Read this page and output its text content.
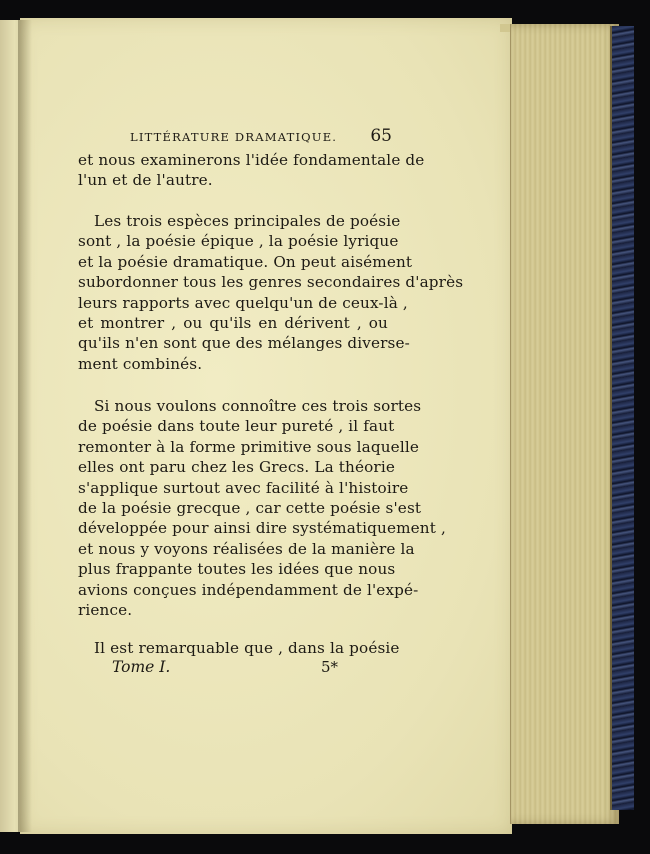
LITTÉRATURE DRAMATIQUE. 65
et nous examinerons l'idée fondamentale de
l'un et de l'autre.
Les trois espèces principales de poésie
sont , la poésie épique , la poésie lyrique
et la poésie dramatique. On peut aisément
subordonner tous les genres secondaires d'après
leurs rapports avec quelqu'un de ceux-là ,
et montrer , ou qu'ils en dérivent , ou
qu'ils n'en sont que des mélanges diverse-
ment combinés.
Si nous voulons connoître ces trois sortes
de poésie dans toute leur pureté , il faut
remonter à la forme primitive sous laquelle
elles ont paru chez les Grecs. La théorie
s'applique surtout avec facilité à l'histoire
de la poésie grecque , car cette poésie s'est
développée pour ainsi dire systématiquement ,
et nous y voyons réalisées de la manière la
plus frappante toutes les idées que nous
avions conçues indépendamment de l'expé-
rience.
Il est remarquable que , dans la poésie
Tome I.	5*
